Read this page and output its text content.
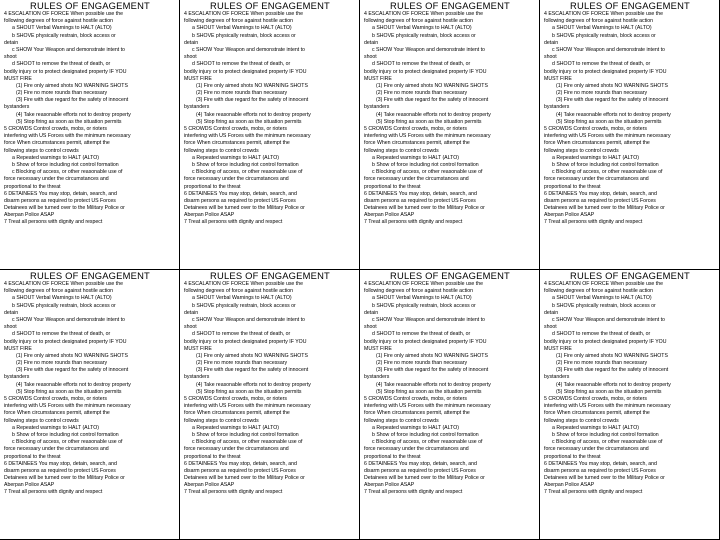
RULES OF ENGAGEMENT
4 ESCALATION OF FORCE When possible use the
following degrees of force against hostile action
a SHOUT Verbal Warnings to HALT (ALTO)
b SHOVE physically restrain, block access or
detain
c SHOW Your Weapon and demonstrate intent to
shoot
d SHOOT to remove the threat of death, or
bodily injury or to protect designated property IF YOU
MUST FIRE
(1) Fire only aimed shots NO WARNING SHOTS
(2) Fire no more rounds than necessary
(3) Fire with due regard for the safety of innocent
bystanders
(4) Take reasonable efforts not to destroy property
(5) Stop firing as soon as the situation permits
5 CROWDS Control crowds, mobs, or rioters
interfering with US Forces with the minimum necessary
force When circumstances permit, attempt the
following steps to control crowds
a Repeated warnings to HALT (ALTO)
b Show of force including riot control formation
c Blocking of access, or other reasonable use of
force necessary under the circumstances and
proportional to the threat
6 DETAINEES You may stop, detain, search, and
disarm persons as required to protect US Forces
Detainees will be turned over to the Military Police or
Aberpan Police ASAP
7 Treat all persons with dignity and respect
RULES OF ENGAGEMENT
4 ESCALATION OF FORCE When possible use the
following degrees of force against hostile action
a SHOUT Verbal Warnings to HALT (ALTO)
b SHOVE physically restrain, block access or
detain
c SHOW Your Weapon and demonstrate intent to
shoot
d SHOOT to remove the threat of death, or
bodily injury or to protect designated property IF YOU
MUST FIRE
(1) Fire only aimed shots NO WARNING SHOTS
(2) Fire no more rounds than necessary
(3) Fire with due regard for the safety of innocent
bystanders
(4) Take reasonable efforts not to destroy property
(5) Stop firing as soon as the situation permits
5 CROWDS Control crowds, mobs, or rioters
interfering with US Forces with the minimum necessary
force When circumstances permit, attempt the
following steps to control crowds
a Repeated warnings to HALT (ALTO)
b Show of force including riot control formation
c Blocking of access, or other reasonable use of
force necessary under the circumstances and
proportional to the threat
6 DETAINEES You may stop, detain, search, and
disarm persons as required to protect US Forces
Detainees will be turned over to the Military Police or
Aberpan Police ASAP
7 Treat all persons with dignity and respect
RULES OF ENGAGEMENT
4 ESCALATION OF FORCE When possible use the
following degrees of force against hostile action
a SHOUT Verbal Warnings to HALT (ALTO)
b SHOVE physically restrain, block access or
detain
c SHOW Your Weapon and demonstrate intent to
shoot
d SHOOT to remove the threat of death, or
bodily injury or to protect designated property IF YOU
MUST FIRE
(1) Fire only aimed shots NO WARNING SHOTS
(2) Fire no more rounds than necessary
(3) Fire with due regard for the safety of innocent
bystanders
(4) Take reasonable efforts not to destroy property
(5) Stop firing as soon as the situation permits
5 CROWDS Control crowds, mobs, or rioters
interfering with US Forces with the minimum necessary
force When circumstances permit, attempt the
following steps to control crowds
a Repeated warnings to HALT (ALTO)
b Show of force including riot control formation
c Blocking of access, or other reasonable use of
force necessary under the circumstances and
proportional to the threat
6 DETAINEES You may stop, detain, search, and
disarm persons as required to protect US Forces
Detainees will be turned over to the Military Police or
Aberpan Police ASAP
7 Treat all persons with dignity and respect
RULES OF ENGAGEMENT
4 ESCALATION OF FORCE When possible use the
following degrees of force against hostile action
a SHOUT Verbal Warnings to HALT (ALTO)
b SHOVE physically restrain, block access or
detain
c SHOW Your Weapon and demonstrate intent to
shoot
d SHOOT to remove the threat of death, or
bodily injury or to protect designated property IF YOU
MUST FIRE
(1) Fire only aimed shots NO WARNING SHOTS
(2) Fire no more rounds than necessary
(3) Fire with due regard for the safety of innocent
bystanders
(4) Take reasonable efforts not to destroy property
(5) Stop firing as soon as the situation permits
5 CROWDS Control crowds, mobs, or rioters
interfering with US Forces with the minimum necessary
force When circumstances permit, attempt the
following steps to control crowds
a Repeated warnings to HALT (ALTO)
b Show of force including riot control formation
c Blocking of access, or other reasonable use of
force necessary under the circumstances and
proportional to the threat
6 DETAINEES You may stop, detain, search, and
disarm persons as required to protect US Forces
Detainees will be turned over to the Military Police or
Aberpan Police ASAP
7 Treat all persons with dignity and respect
RULES OF ENGAGEMENT
4 ESCALATION OF FORCE When possible use the
following degrees of force against hostile action
a SHOUT Verbal Warnings to HALT (ALTO)
b SHOVE physically restrain, block access or
detain
c SHOW Your Weapon and demonstrate intent to
shoot
d SHOOT to remove the threat of death, or
bodily injury or to protect designated property IF YOU
MUST FIRE
(1) Fire only aimed shots NO WARNING SHOTS
(2) Fire no more rounds than necessary
(3) Fire with due regard for the safety of innocent
bystanders
(4) Take reasonable efforts not to destroy property
(5) Stop firing as soon as the situation permits
5 CROWDS Control crowds, mobs, or rioters
interfering with US Forces with the minimum necessary
force When circumstances permit, attempt the
following steps to control crowds
a Repeated warnings to HALT (ALTO)
b Show of force including riot control formation
c Blocking of access, or other reasonable use of
force necessary under the circumstances and
proportional to the threat
6 DETAINEES You may stop, detain, search, and
disarm persons as required to protect US Forces
Detainees will be turned over to the Military Police or
Aberpan Police ASAP
7 Treat all persons with dignity and respect
RULES OF ENGAGEMENT
4 ESCALATION OF FORCE When possible use the
following degrees of force against hostile action
a SHOUT Verbal Warnings to HALT (ALTO)
b SHOVE physically restrain, block access or
detain
c SHOW Your Weapon and demonstrate intent to
shoot
d SHOOT to remove the threat of death, or
bodily injury or to protect designated property IF YOU
MUST FIRE
(1) Fire only aimed shots NO WARNING SHOTS
(2) Fire no more rounds than necessary
(3) Fire with due regard for the safety of innocent
bystanders
(4) Take reasonable efforts not to destroy property
(5) Stop firing as soon as the situation permits
5 CROWDS Control crowds, mobs, or rioters
interfering with US Forces with the minimum necessary
force When circumstances permit, attempt the
following steps to control crowds
a Repeated warnings to HALT (ALTO)
b Show of force including riot control formation
c Blocking of access, or other reasonable use of
force necessary under the circumstances and
proportional to the threat
6 DETAINEES You may stop, detain, search, and
disarm persons as required to protect US Forces
Detainees will be turned over to the Military Police or
Aberpan Police ASAP
7 Treat all persons with dignity and respect
RULES OF ENGAGEMENT
4 ESCALATION OF FORCE When possible use the
following degrees of force against hostile action
a SHOUT Verbal Warnings to HALT (ALTO)
b SHOVE physically restrain, block access or
detain
c SHOW Your Weapon and demonstrate intent to
shoot
d SHOOT to remove the threat of death, or
bodily injury or to protect designated property IF YOU
MUST FIRE
(1) Fire only aimed shots NO WARNING SHOTS
(2) Fire no more rounds than necessary
(3) Fire with due regard for the safety of innocent
bystanders
(4) Take reasonable efforts not to destroy property
(5) Stop firing as soon as the situation permits
5 CROWDS Control crowds, mobs, or rioters
interfering with US Forces with the minimum necessary
force When circumstances permit, attempt the
following steps to control crowds
a Repeated warnings to HALT (ALTO)
b Show of force including riot control formation
c Blocking of access, or other reasonable use of
force necessary under the circumstances and
proportional to the threat
6 DETAINEES You may stop, detain, search, and
disarm persons as required to protect US Forces
Detainees will be turned over to the Military Police or
Aberpan Police ASAP
7 Treat all persons with dignity and respect
RULES OF ENGAGEMENT
4 ESCALATION OF FORCE When possible use the
following degrees of force against hostile action
a SHOUT Verbal Warnings to HALT (ALTO)
b SHOVE physically restrain, block access or
detain
c SHOW Your Weapon and demonstrate intent to
shoot
d SHOOT to remove the threat of death, or
bodily injury or to protect designated property IF YOU
MUST FIRE
(1) Fire only aimed shots NO WARNING SHOTS
(2) Fire no more rounds than necessary
(3) Fire with due regard for the safety of innocent
bystanders
(4) Take reasonable efforts not to destroy property
(5) Stop firing as soon as the situation permits
5 CROWDS Control crowds, mobs, or rioters
interfering with US Forces with the minimum necessary
force When circumstances permit, attempt the
following steps to control crowds
a Repeated warnings to HALT (ALTO)
b Show of force including riot control formation
c Blocking of access, or other reasonable use of
force necessary under the circumstances and
proportional to the threat
6 DETAINEES You may stop, detain, search, and
disarm persons as required to protect US Forces
Detainees will be turned over to the Military Police or
Aberpan Police ASAP
7 Treat all persons with dignity and respect
